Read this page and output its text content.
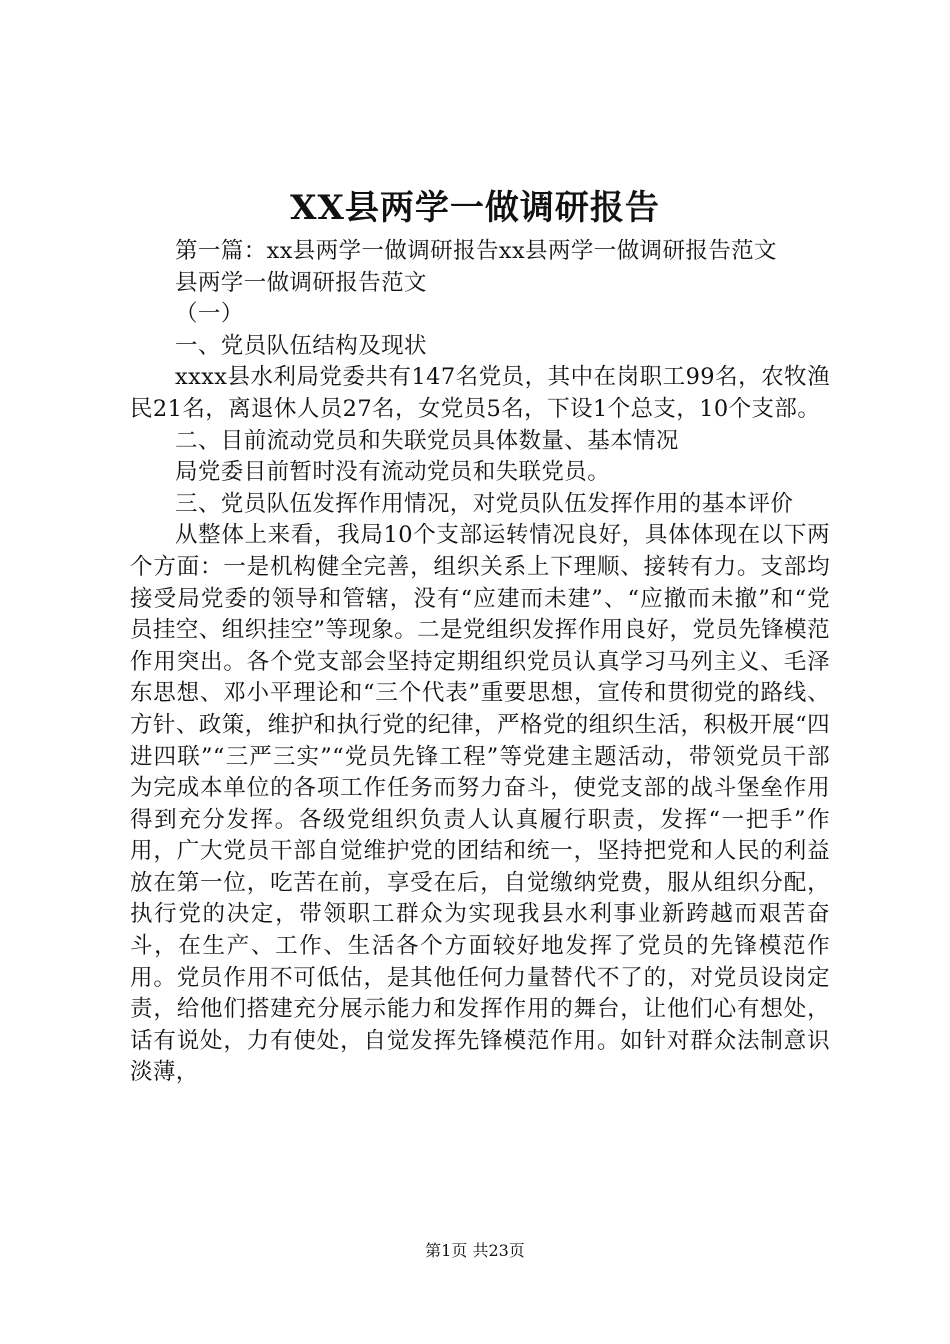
XX县两学一做调研报告

第一篇：xx县两学一做调研报告xx县两学一做调研报告范文

县两学一做调研报告范文

（一）

一、党员队伍结构及现状

xxxx县水利局党委共有147名党员，其中在岗职工99名，农牧渔民21名，离退休人员27名，女党员5名，下设1个总支，10个支部。

二、目前流动党员和失联党员具体数量、基本情况

局党委目前暂时没有流动党员和失联党员。

三、党员队伍发挥作用情况，对党员队伍发挥作用的基本评价

从整体上来看，我局10个支部运转情况良好，具体体现在以下两个方面：一是机构健全完善，组织关系上下理顺、接转有力。支部均接受局党委的领导和管辖，没有“应建而未建”、“应撤而未撤”和“党员挂空、组织挂空”等现象。二是党组织发挥作用良好，党员先锋模范作用突出。各个党支部会坚持定期组织党员认真学习马列主义、毛泽东思想、邓小平理论和“三个代表”重要思想，宣传和贯彻党的路线、方针、政策，维护和执行党的纪律，严格党的组织生活，积极开展“四进四联”“三严三实”“党员先锋工程”等党建主题活动，带领党员干部为完成本单位的各项工作任务而努力奋斗，使党支部的战斗堡垒作用得到充分发挥。各级党组织负责人认真履行职责，发挥“一把手”作用，广大党员干部自觉维护党的团结和统一，坚持把党和人民的利益放在第一位，吃苦在前，享受在后，自觉缴纳党费，服从组织分配，执行党的决定，带领职工群众为实现我县水利事业新跨越而艰苦奋斗，在生产、工作、生活各个方面较好地发挥了党员的先锋模范作用。党员作用不可低估，是其他任何力量替代不了的，对党员设岗定责，给他们搭建充分展示能力和发挥作用的舞台，让他们心有想处，话有说处，力有使处，自觉发挥先锋模范作用。如针对群众法制意识淡薄，

第1页 共23页
